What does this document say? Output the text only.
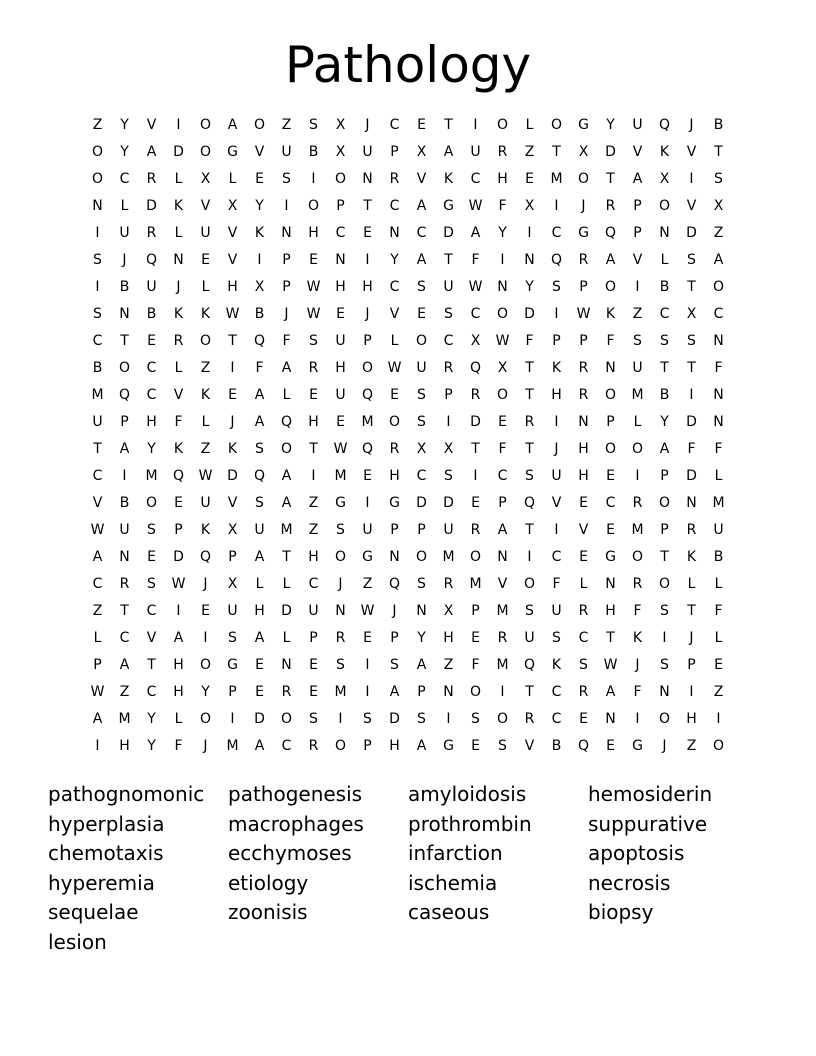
Pathology
Z	Y	V	I	O	A	O	Z	S	X	J	C	E	T	I	O	L	O	G	Y	U	Q	J	B
O	Y	A	D	O	G	V	U	B	X	U	P	X	A	U	R	Z	T	X	D	V	K	V	T
O	C	R	L	X	L	E	S	I	O	N	R	V	K	C	H	E	M	O	T	A	X	I	S
N	L	D	K	V	X	Y	I	O	P	T	C	A	G	W	F	X	I	J	R	P	O	V	X
I	U	R	L	U	V	K	N	H	C	E	N	C	D	A	Y	I	C	G	Q	P	N	D	Z
S	J	Q	N	E	V	I	P	E	N	I	Y	A	T	F	I	N	Q	R	A	V	L	S	A
I	B	U	J	L	H	X	P	W	H	H	C	S	U	W	N	Y	S	P	O	I	B	T	O
S	N	B	K	K	W	B	J	W	E	J	V	E	S	C	O	D	I	W	K	Z	C	X	C
C	T	E	R	O	T	Q	F	S	U	P	L	O	C	X	W	F	P	P	F	S	S	S	N
B	O	C	L	Z	I	F	A	R	H	O	W	U	R	Q	X	T	K	R	N	U	T	T	F
M	Q	C	V	K	E	A	L	E	U	Q	E	S	P	R	O	T	H	R	O	M	B	I	N
U	P	H	F	L	J	A	Q	H	E	M	O	S	I	D	E	R	I	N	P	L	Y	D	N
T	A	Y	K	Z	K	S	O	T	W	Q	R	X	X	T	F	T	J	H	O	O	A	F	F
C	I	M	Q	W	D	Q	A	I	M	E	H	C	S	I	C	S	U	H	E	I	P	D	L
V	B	O	E	U	V	S	A	Z	G	I	G	D	D	E	P	Q	V	E	C	R	O	N	M
W	U	S	P	K	X	U	M	Z	S	U	P	P	U	R	A	T	I	V	E	M	P	R	U
A	N	E	D	Q	P	A	T	H	O	G	N	O	M	O	N	I	C	E	G	O	T	K	B
C	R	S	W	J	X	L	L	C	J	Z	Q	S	R	M	V	O	F	L	N	R	O	L	L
Z	T	C	I	E	U	H	D	U	N	W	J	N	X	P	M	S	U	R	H	F	S	T	F
L	C	V	A	I	S	A	L	P	R	E	P	Y	H	E	R	U	S	C	T	K	I	J	L
P	A	T	H	O	G	E	N	E	S	I	S	A	Z	F	M	Q	K	S	W	J	S	P	E
W	Z	C	H	Y	P	E	R	E	M	I	A	P	N	O	I	T	C	R	A	F	N	I	Z
A	M	Y	L	O	I	D	O	S	I	S	D	S	I	S	O	R	C	E	N	I	O	H	I
I	H	Y	F	J	M	A	C	R	O	P	H	A	G	E	S	V	B	Q	E	G	J	Z	O
pathognomonic	pathogenesis	amyloidosis	hemosiderin
hyperplasia	macrophages	prothrombin	suppurative
chemotaxis	ecchymoses	infarction	apoptosis
hyperemia	etiology	ischemia	necrosis
sequelae	zoonisis	caseous	biopsy
lesion
